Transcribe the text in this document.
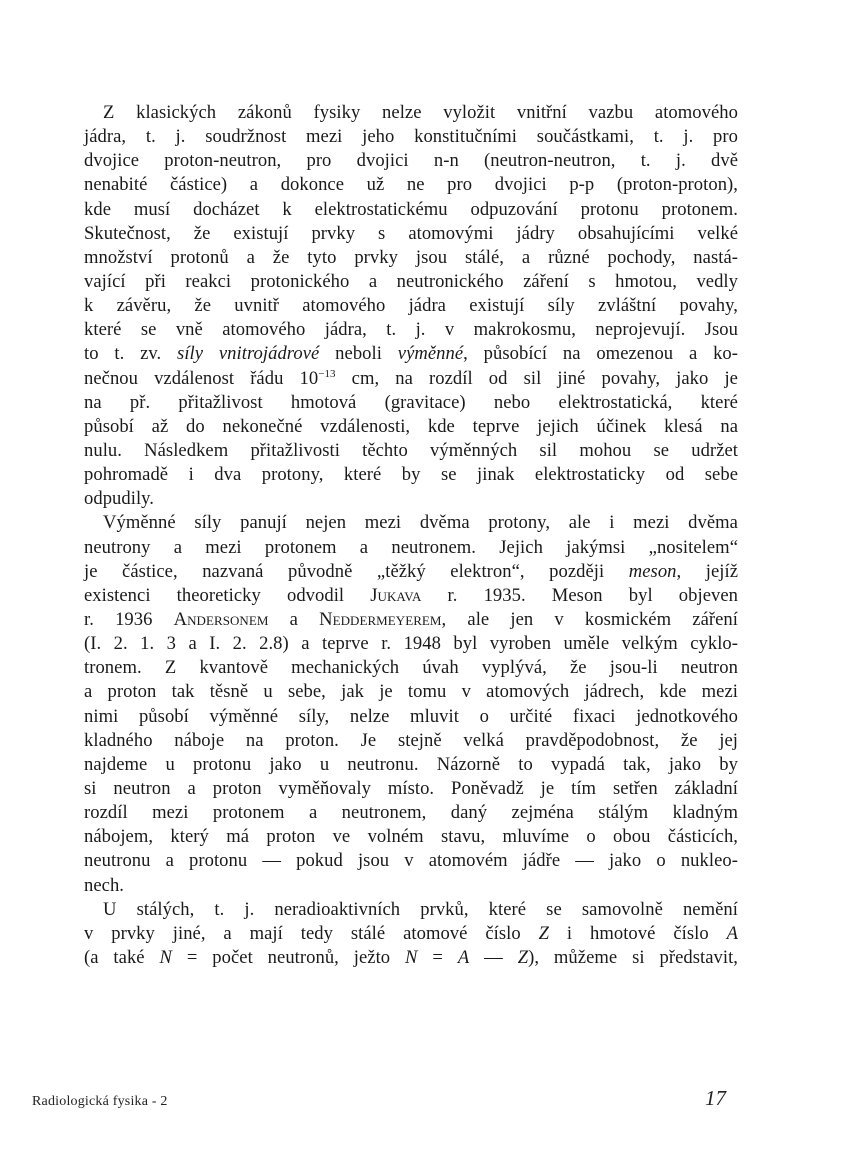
Z klasických zákonů fysiky nelze vyložit vnitřní vazbu atomového
jádra, t. j. soudržnost mezi jeho konstitučními součástkami, t. j. pro
dvojice proton-neutron, pro dvojici n-n (neutron-neutron, t. j. dvě
nenabité částice) a dokonce už ne pro dvojici p-p (proton-proton),
kde musí docházet k elektrostatickému odpuzování protonu protonem.
Skutečnost, že existují prvky s atomovými jádry obsahujícími velké
množství protonů a že tyto prvky jsou stálé, a různé pochody, nastá-
vající při reakci protonického a neutronického záření s hmotou, vedly
k závěru, že uvnitř atomového jádra existují síly zvláštní povahy,
které se vně atomového jádra, t. j. v makrokosmu, neprojevují. Jsou
to t. zv. síly vnitrojádrové neboli výměnné, působící na omezenou a ko-
nečnou vzdálenost řádu $10^{-13}$ cm, na rozdíl od sil jiné povahy, jako je
na př. přitažlivost hmotová (gravitace) nebo elektrostatická, které
působí až do nekonečné vzdálenosti, kde teprve jejich účinek klesá na
nulu. Následkem přitažlivosti těchto výměnných sil mohou se udržet
pohromadě i dva protony, které by se jinak elektrostaticky od sebe
odpudily.
Výměnné síly panují nejen mezi dvěma protony, ale i mezi dvěma
neutrony a mezi protonem a neutronem. Jejich jakýmsi „nositelem“
je částice, nazvaná původně „těžký elektron“, později meson, jejíž
existenci theoreticky odvodil Jukava r. 1935. Meson byl objeven
r. 1936 Andersonem a Neddermeyerem, ale jen v kosmickém záření
(I. 2. 1. 3 a I. 2. 2.8) a teprve r. 1948 byl vyroben uměle velkým cyklo-
tronem. Z kvantově mechanických úvah vyplývá, že jsou-li neutron
a proton tak těsně u sebe, jak je tomu v atomových jádrech, kde mezi
nimi působí výměnné síly, nelze mluvit o určité fixaci jednotkového
kladného náboje na proton. Je stejně velká pravděpodobnost, že jej
najdeme u protonu jako u neutronu. Názorně to vypadá tak, jako by
si neutron a proton vyměňovaly místo. Poněvadž je tím setřen základní
rozdíl mezi protonem a neutronem, daný zejména stálým kladným
nábojem, který má proton ve volném stavu, mluvíme o obou částicích,
neutronu a protonu — pokud jsou v atomovém jádře — jako o nukleo-
nech.
U stálých, t. j. neradioaktivních prvků, které se samovolně nemění
v prvky jiné, a mají tedy stálé atomové číslo Z i hmotové číslo A
(a také N = počet neutronů, ježto N = A — Z), můžeme si představit,
Radiologická fysika - 2	17
